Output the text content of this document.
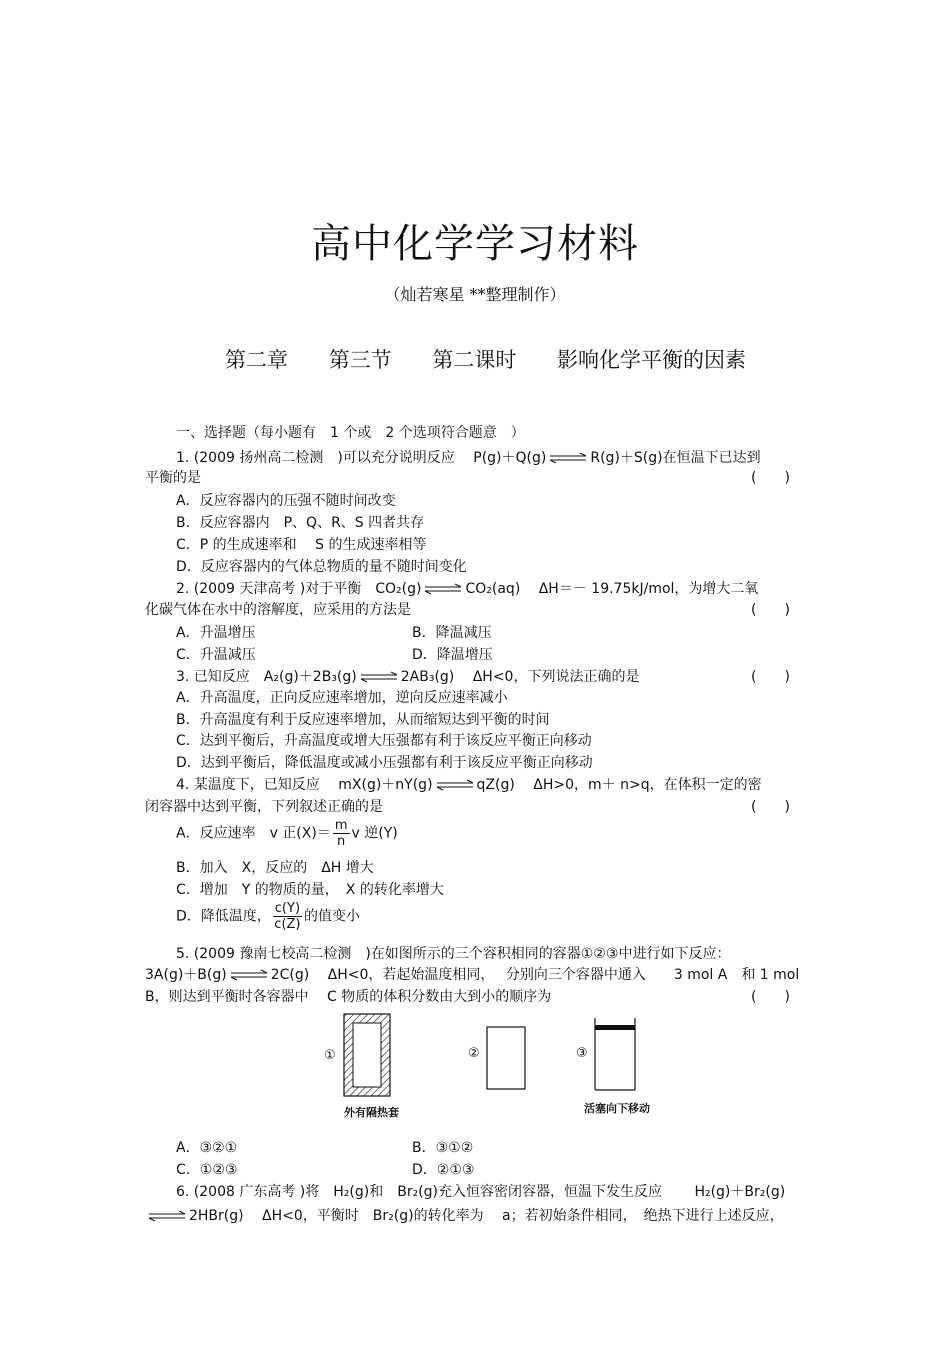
高中化学学习材料
（灿若寒星 **整理制作）
第二章 第三节 第二课时 影响化学平衡的因素
一、选择题（每小题有　1 个或　2 个选项符合题意　）
1. (2009 扬州高二检测　)可以充分说明反应　 P(g)＋Q(g) ⇌ R(g)＋S(g)在恒温下已达到
平衡的是	(　　)
A．反应容器内的压强不随时间改变
B．反应容器内　P、Q、R、S 四者共存
C．P 的生成速率和　 S 的生成速率相等
D．反应容器内的气体总物质的量不随时间变化
2. (2009 天津高考 )对于平衡　CO₂(g) ⇌ CO₂(aq)　 ΔH＝－ 19.75kJ/mol，为增大二氧
化碳气体在水中的溶解度，应采用的方法是	(　　)
A．升温增压	B．降温减压
C．升温减压	D．降温增压
3. 已知反应　A₂(g)＋2B₃(g) ⇌ 2AB₃(g)　 ΔH<0，下列说法正确的是	(　　)
A．升高温度，正向反应速率增加，逆向反应速率减小
B．升高温度有利于反应速率增加，从而缩短达到平衡的时间
C．达到平衡后，升高温度或增大压强都有利于该反应平衡正向移动
D．达到平衡后，降低温度或减小压强都有利于该反应平衡正向移动
4. 某温度下，已知反应　 mX(g)＋nY(g) ⇌ qZ(g)　 ΔH>0，m＋ n>q，在体积一定的密
闭容器中达到平衡，下列叙述正确的是	(　　)
A．反应速率　v 正$(X)= \frac{m}{n}$ v 逆(Y)
B．加入　X，反应的　ΔH 增大
C．增加　Y 的物质的量，　X 的转化率增大
D．降低温度， $\frac{c(Y)}{c(Z)}$ 的值变小
5. (2009 豫南七校高二检测　)在如图所示的三个容积相同的容器①②③中进行如下反应：
3A(g)＋B(g) ⇌ 2C(g)　 ΔH<0，若起始温度相同，　 分别向三个容器中通入　　3 mol A　和 1 mol
B，则达到平衡时各容器中　 C 物质的体积分数由大到小的顺序为	(　　)
①	②	③
外有隔热套	活塞向下移动
A．③②①	B．③①②
C．①②③	D．②①③
6. (2008 广东高考 )将　H₂(g)和　Br₂(g)充入恒容密闭容器，恒温下发生反应　　 H₂(g)＋Br₂(g)
⇌ 2HBr(g)　 ΔH<0，平衡时　Br₂(g)的转化率为　 a；若初始条件相同，　绝热下进行上述反应，
